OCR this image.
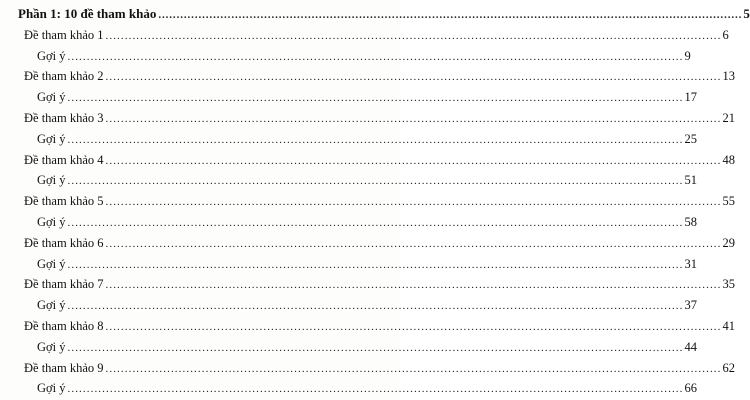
Phần 1: 10 đề tham khảo ................................................................................................................................................................ 5
Đề tham khảo 1 ................................................................................................................................................................ 6
Gợi ý ................................................................................................................................................................ 9
Đề tham khảo 2 ................................................................................................................................................................ 13
Gợi ý ................................................................................................................................................................ 17
Đề tham khảo 3 ................................................................................................................................................................ 21
Gợi ý ................................................................................................................................................................ 25
Đề tham khảo 4 ................................................................................................................................................................ 48
Gợi ý ................................................................................................................................................................ 51
Đề tham khảo 5 ................................................................................................................................................................ 55
Gợi ý ................................................................................................................................................................ 58
Đề tham khảo 6 ................................................................................................................................................................ 29
Gợi ý ................................................................................................................................................................ 31
Đề tham khảo 7 ................................................................................................................................................................ 35
Gợi ý ................................................................................................................................................................ 37
Đề tham khảo 8 ................................................................................................................................................................ 41
Gợi ý ................................................................................................................................................................ 44
Đề tham khảo 9 ................................................................................................................................................................ 62
Gợi ý ................................................................................................................................................................ 66
